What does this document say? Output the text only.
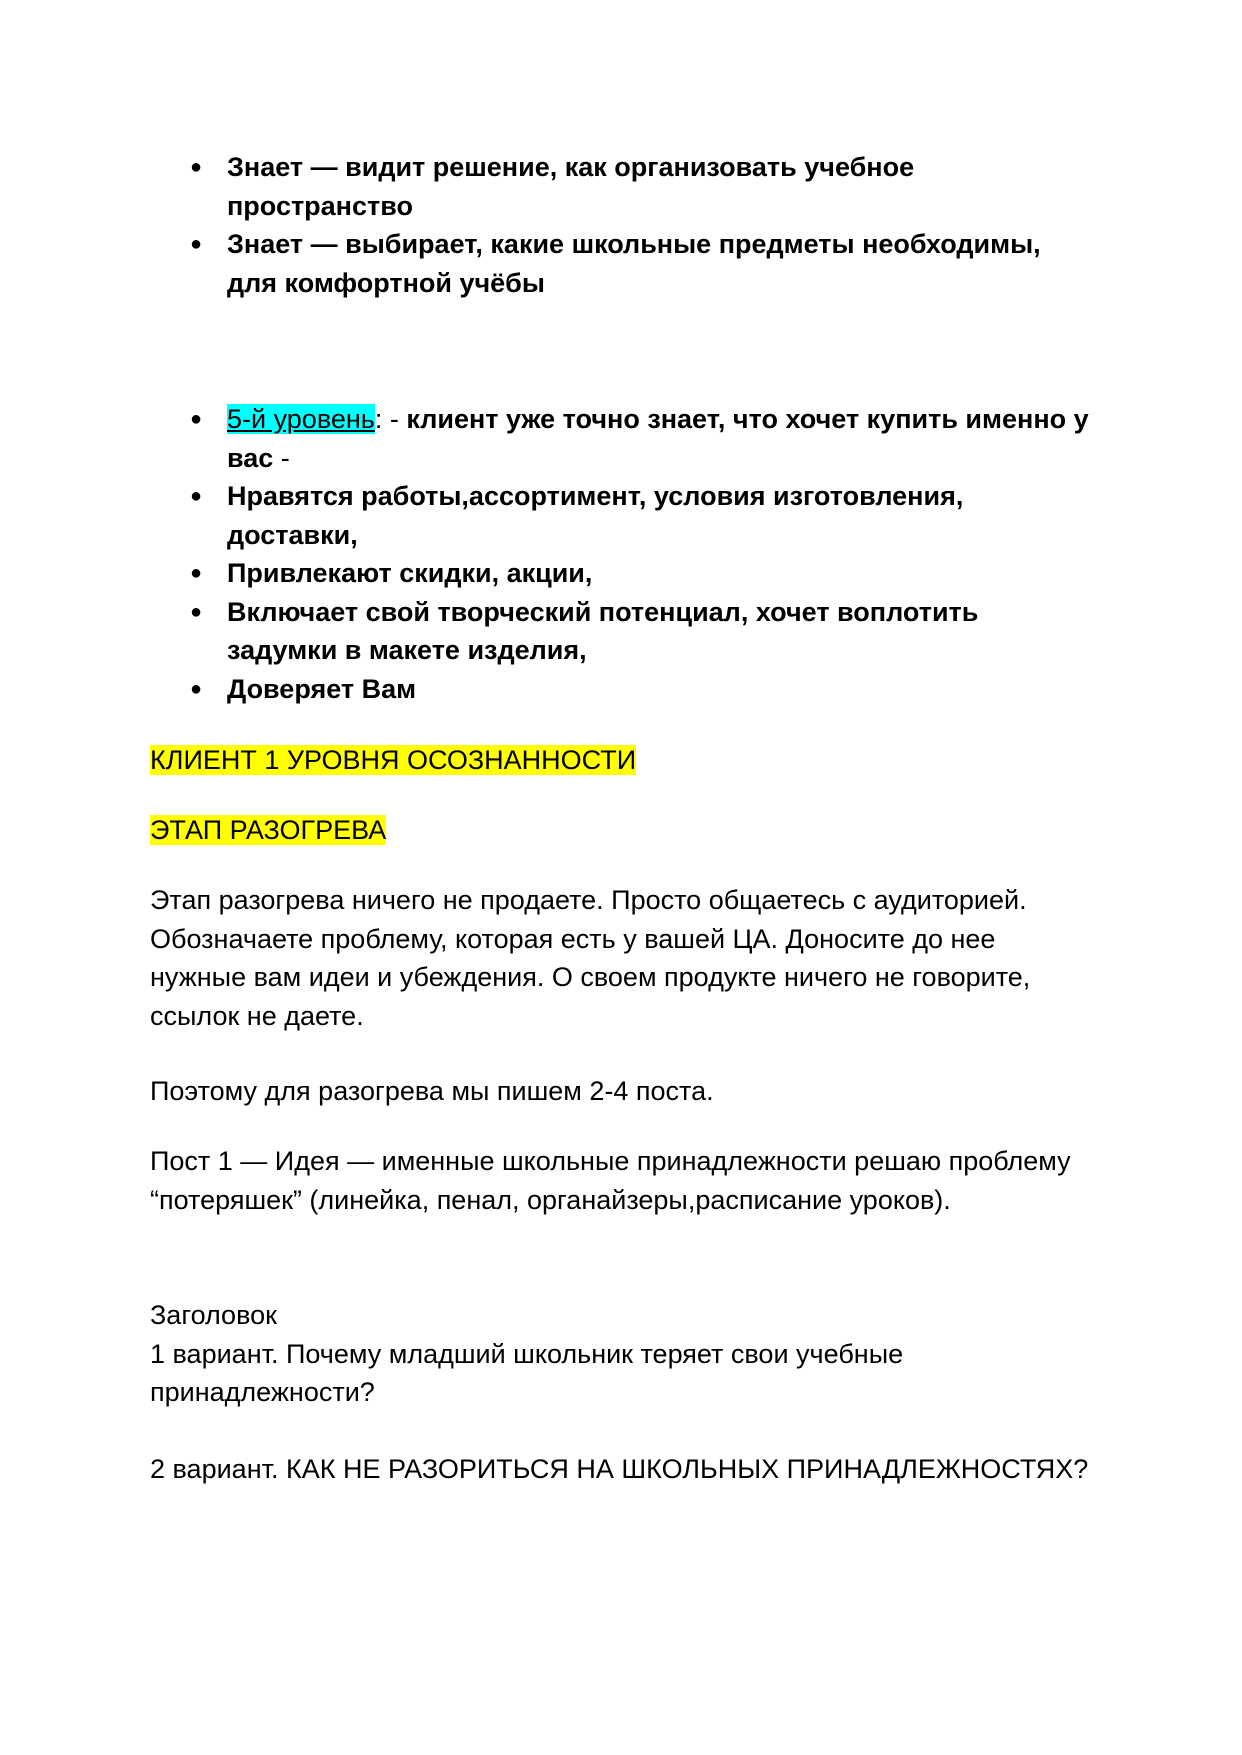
● Знает — видит решение, как организовать учебное пространство
● Знает — выбирает, какие школьные предметы необходимы, для комфортной учёбы
● 5-й уровень: - клиент уже точно знает, что хочет купить именно у вас -
● Нравятся работы,ассортимент, условия изготовления, доставки,
● Привлекают скидки, акции,
● Включает свой творческий потенциал, хочет воплотить задумки в макете изделия,
● Доверяет Вам

КЛИЕНТ 1 УРОВНЯ ОСОЗНАННОСТИ

ЭТАП РАЗОГРЕВА

Этап разогрева ничего не продаете. Просто общаетесь с аудиторией. Обозначаете проблему, которая есть у вашей ЦА. Доносите до нее нужные вам идеи и убеждения. О своем продукте ничего не говорите, ссылок не даете.

Поэтому для разогрева мы пишем 2-4 поста.

Пост 1 — Идея — именные школьные принадлежности решаю проблему “потеряшек” (линейка, пенал, органайзеры,расписание уроков).

Заголовок
1 вариант. Почему младший школьник теряет свои учебные принадлежности?

2 вариант. КАК НЕ РАЗОРИТЬСЯ НА ШКОЛЬНЫХ ПРИНАДЛЕЖНОСТЯХ?
